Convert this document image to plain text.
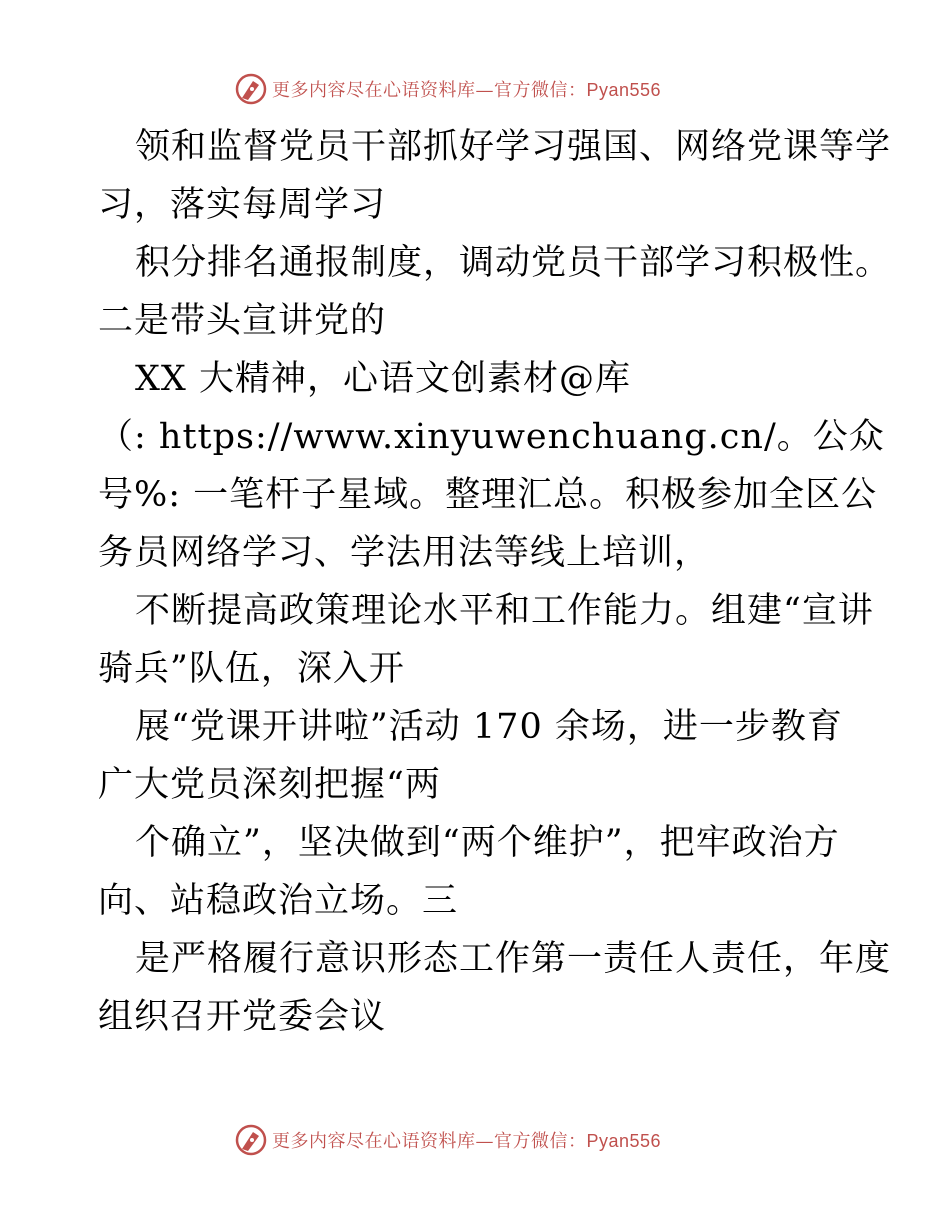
更多内容尽在心语资料库—官方微信：Pyan556
领和监督党员干部抓好学习强国、网络党课等学
习，落实每周学习
积分排名通报制度，调动党员干部学习积极性。
二是带头宣讲党的
XX 大精神，心语文创素材@库
（: https://www.xinyuwenchuang.cn/。公众
号%: 一笔杆子星域。整理汇总。积极参加全区公
务员网络学习、学法用法等线上培训，
不断提高政策理论水平和工作能力。组建“宣讲
骑兵”队伍，深入开
展“党课开讲啦”活动 170 余场，进一步教育
广大党员深刻把握“两
个确立”，坚决做到“两个维护”，把牢政治方
向、站稳政治立场。三
是严格履行意识形态工作第一责任人责任，年度
组织召开党委会议
更多内容尽在心语资料库—官方微信：Pyan556
